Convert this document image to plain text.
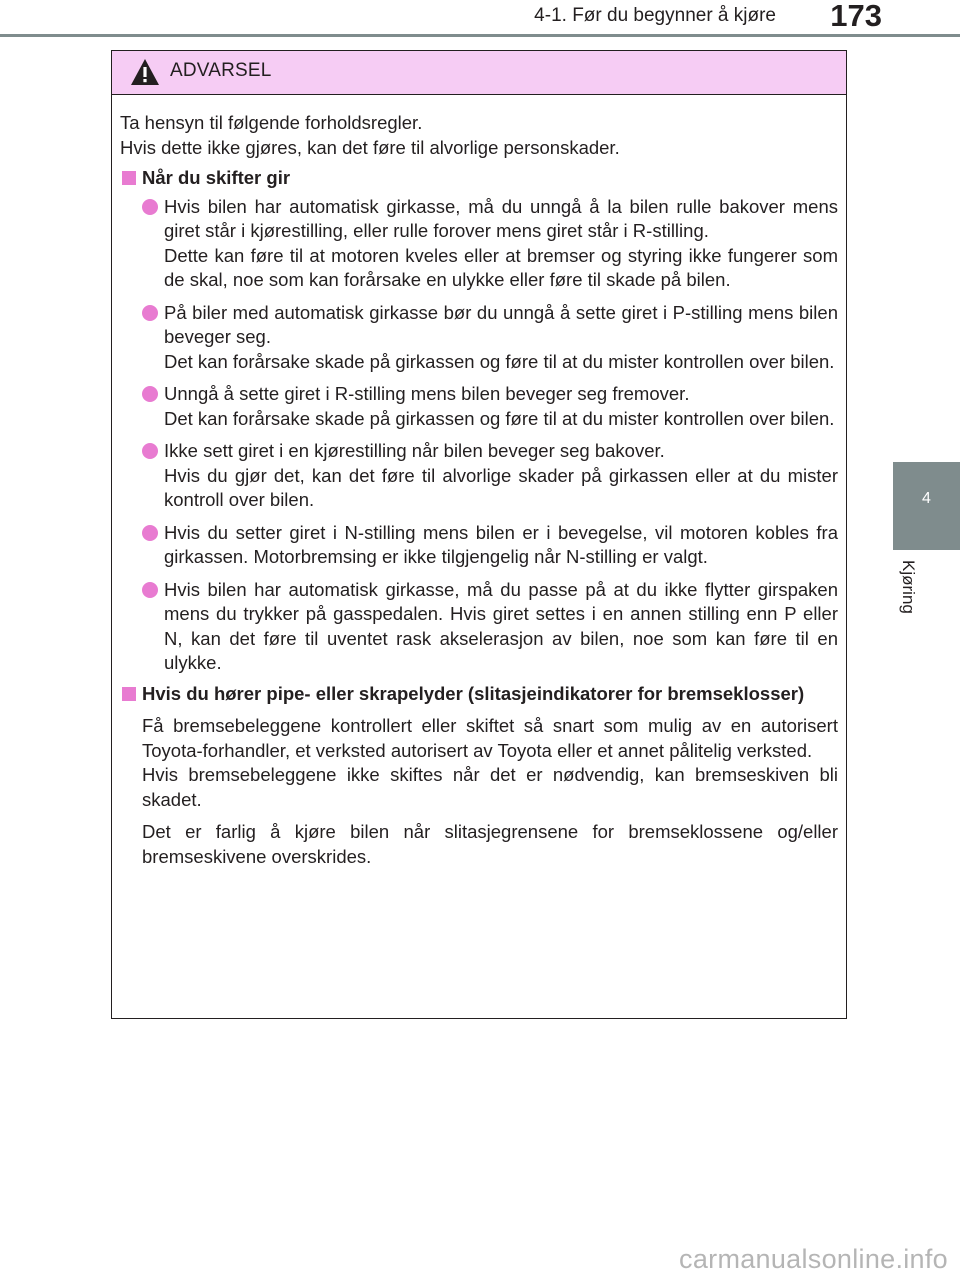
4-1. Før du begynner å kjøre 173
4
Kjøring
ADVARSEL

Ta hensyn til følgende forholdsregler.

Hvis dette ikke gjøres, kan det føre til alvorlige personskader.

Når du skifter gir

Hvis bilen har automatisk girkasse, må du unngå å la bilen rulle bakover mens giret står i kjørestilling, eller rulle forover mens giret står i R-stilling.

Dette kan føre til at motoren kveles eller at bremser og styring ikke fungerer som de skal, noe som kan forårsake en ulykke eller føre til skade på bilen.

På biler med automatisk girkasse bør du unngå å sette giret i P-stilling mens bilen beveger seg.

Det kan forårsake skade på girkassen og føre til at du mister kontrollen over bilen.

Unngå å sette giret i R-stilling mens bilen beveger seg fremover.

Det kan forårsake skade på girkassen og føre til at du mister kontrollen over bilen.

Ikke sett giret i en kjørestilling når bilen beveger seg bakover.

Hvis du gjør det, kan det føre til alvorlige skader på girkassen eller at du mister kontroll over bilen.

Hvis du setter giret i N-stilling mens bilen er i bevegelse, vil motoren kobles fra girkassen. Motorbremsing er ikke tilgjengelig når N-stilling er valgt.

Hvis bilen har automatisk girkasse, må du passe på at du ikke flytter girspaken mens du trykker på gasspedalen. Hvis giret settes i en annen stilling enn P eller N, kan det føre til uventet rask akselerasjon av bilen, noe som kan føre til en ulykke.

Hvis du hører pipe- eller skrapelyder (slitasjeindikatorer for bremseklosser)

Få bremsebeleggene kontrollert eller skiftet så snart som mulig av en autorisert Toyota-forhandler, et verksted autorisert av Toyota eller et annet pålitelig verksted.

Hvis bremsebeleggene ikke skiftes når det er nødvendig, kan bremseskiven bli skadet.

Det er farlig å kjøre bilen når slitasjegrensene for bremseklossene og/eller bremseskivene overskrides.

carmanualsonline.info
